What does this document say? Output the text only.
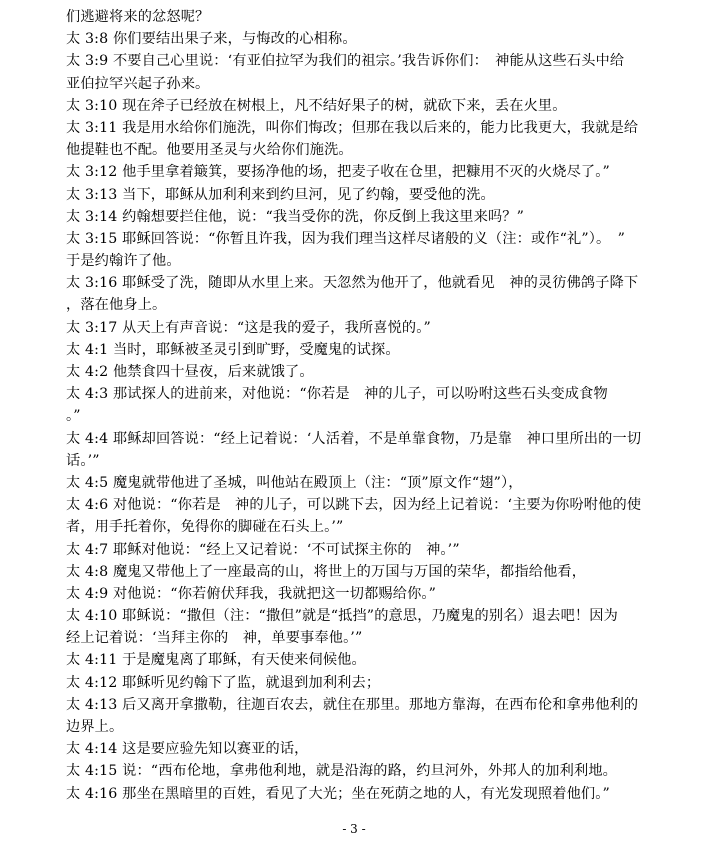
们逃避将来的忿怒呢？
太 3:8 你们要结出果子来，与悔改的心相称。
太 3:9 不要自己心里说：‘有亚伯拉罕为我们的祖宗。’我告诉你们：　神能从这些石头中给
亚伯拉罕兴起子孙来。
太 3:10 现在斧子已经放在树根上，凡不结好果子的树，就砍下来，丢在火里。
太 3:11 我是用水给你们施洗，叫你们悔改；但那在我以后来的，能力比我更大，我就是给
他提鞋也不配。他要用圣灵与火给你们施洗。
太 3:12 他手里拿着簸箕，要扬净他的场，把麦子收在仓里，把糠用不灭的火烧尽了。”
太 3:13 当下，耶稣从加利利来到约旦河，见了约翰，要受他的洗。
太 3:14 约翰想要拦住他，说：“我当受你的洗，你反倒上我这里来吗？”
太 3:15 耶稣回答说：“你暂且许我，因为我们理当这样尽诸般的义（注：或作“礼”）。　”
于是约翰许了他。
太 3:16 耶稣受了洗，随即从水里上来。天忽然为他开了，他就看见　神的灵彷佛鸽子降下
，落在他身上。
太 3:17 从天上有声音说：“这是我的爱子，我所喜悦的。”
太 4:1 当时，耶稣被圣灵引到旷野，受魔鬼的试探。
太 4:2 他禁食四十昼夜，后来就饿了。
太 4:3 那试探人的进前来，对他说：“你若是　神的儿子，可以吩咐这些石头变成食物
。”
太 4:4 耶稣却回答说：“经上记着说：‘人活着，不是单靠食物，乃是靠　神口里所出的一切
话。’”
太 4:5 魔鬼就带他进了圣城，叫他站在殿顶上（注：“顶”原文作“翅”），
太 4:6 对他说：“你若是　神的儿子，可以跳下去，因为经上记着说：‘主要为你吩咐他的使
者，用手托着你，免得你的脚碰在石头上。’”
太 4:7 耶稣对他说：“经上又记着说：‘不可试探主你的　神。’”
太 4:8 魔鬼又带他上了一座最高的山，将世上的万国与万国的荣华，都指给他看，
太 4:9 对他说：“你若俯伏拜我，我就把这一切都赐给你。”
太 4:10 耶稣说：“撒但（注：“撒但”就是“抵挡”的意思，乃魔鬼的别名）退去吧！因为
经上记着说：‘当拜主你的　神，单要事奉他。’”
太 4:11 于是魔鬼离了耶稣，有天使来伺候他。
太 4:12 耶稣听见约翰下了监，就退到加利利去；
太 4:13 后又离开拿撒勒，往迦百农去，就住在那里。那地方靠海，在西布伦和拿弗他利的
边界上。
太 4:14 这是要应验先知以赛亚的话，
太 4:15 说：“西布伦地，拿弗他利地，就是沿海的路，约旦河外，外邦人的加利利地。
太 4:16 那坐在黑暗里的百姓，看见了大光；坐在死荫之地的人，有光发现照着他们。”
- 3 -
